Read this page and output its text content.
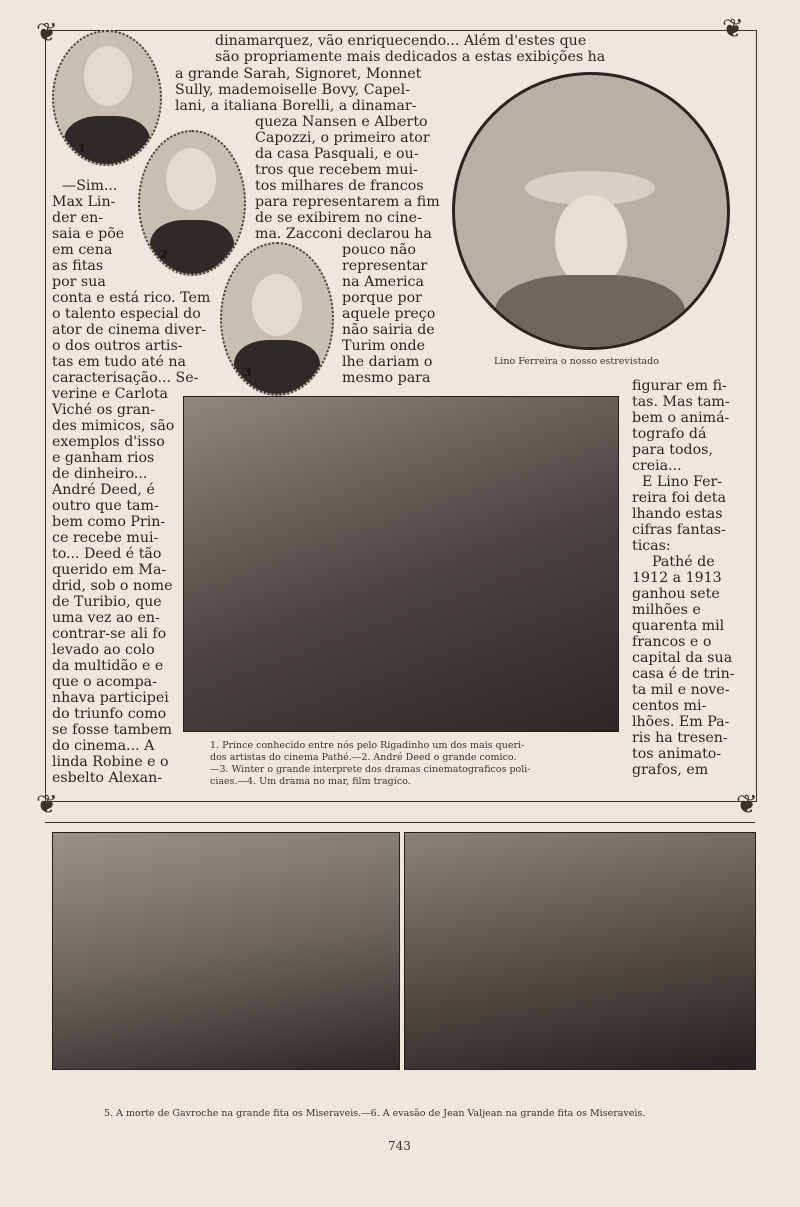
❦	❦
❦	❦
1
2
3
Lino Ferreira o nosso estrevistado
dinamarquez, vão enriquecendo... Além d'estes que
são propriamente mais dedicados a estas exibições ha
a grande Sarah, Signoret, Monnet
Sully, mademoiselle Bovy, Capel-
lani, a italiana Borelli, a dinamar-
queza Nansen e Alberto
Capozzi, o primeiro ator
da casa Pasquali, e ou-
tros que recebem mui-
tos milhares de francos
para representarem a fim
de se exibirem no cine-
ma. Zacconi declarou ha
pouco não
representar
na America
porque por
aquele preço
não sairia de
Turim onde
lhe dariam o
mesmo para
—Sim...
Max Lin-
der en-
saia e põe
em cena
as fitas
por sua
conta e está rico. Tem
o talento especial do
ator de cinema diver-
o dos outros artis-
tas em tudo até na
caracterisação... Se-
verine e Carlota
Viché os gran-
des mimicos, são
exemplos d'isso
e ganham rios
de dinheiro...
André Deed, é
outro que tam-
bem como Prin-
ce recebe mui-
to... Deed é tão
querido em Ma-
drid, sob o nome
de Turibio, que
uma vez ao en-
contrar-se ali fo
levado ao colo
da multidão e e
que o acompa-
nhava participei
do triunfo como
se fosse tambem
do cinema... A
linda Robine e o
esbelto Alexan-
figurar em fi-
tas. Mas tam-
bem o animá-
tografo dá
para todos,
creia...
E Lino Fer-
reira foi deta
lhando estas
cifras fantas-
ticas:
Pathé de
1912 a 1913
ganhou sete
milhões e
quarenta mil
francos e o
capital da sua
casa é de trin-
ta mil e nove-
centos mi-
lhões. Em Pa-
ris ha tresen-
tos animato-
grafos, em
1. Prince conhecido entre nós pelo Rigadinho um dos mais queri-
dos artistas do cinema Pathé.—2. André Deed o grande comico.
—3. Winter o grande interprete dos dramas cinematograficos poli-
ciaes.—4. Um drama no mar, film tragico.
5. A morte de Gavroche na grande fita os Miseraveis.—6. A evasão de Jean Valjean na grande fita os Miseraveis.
743
